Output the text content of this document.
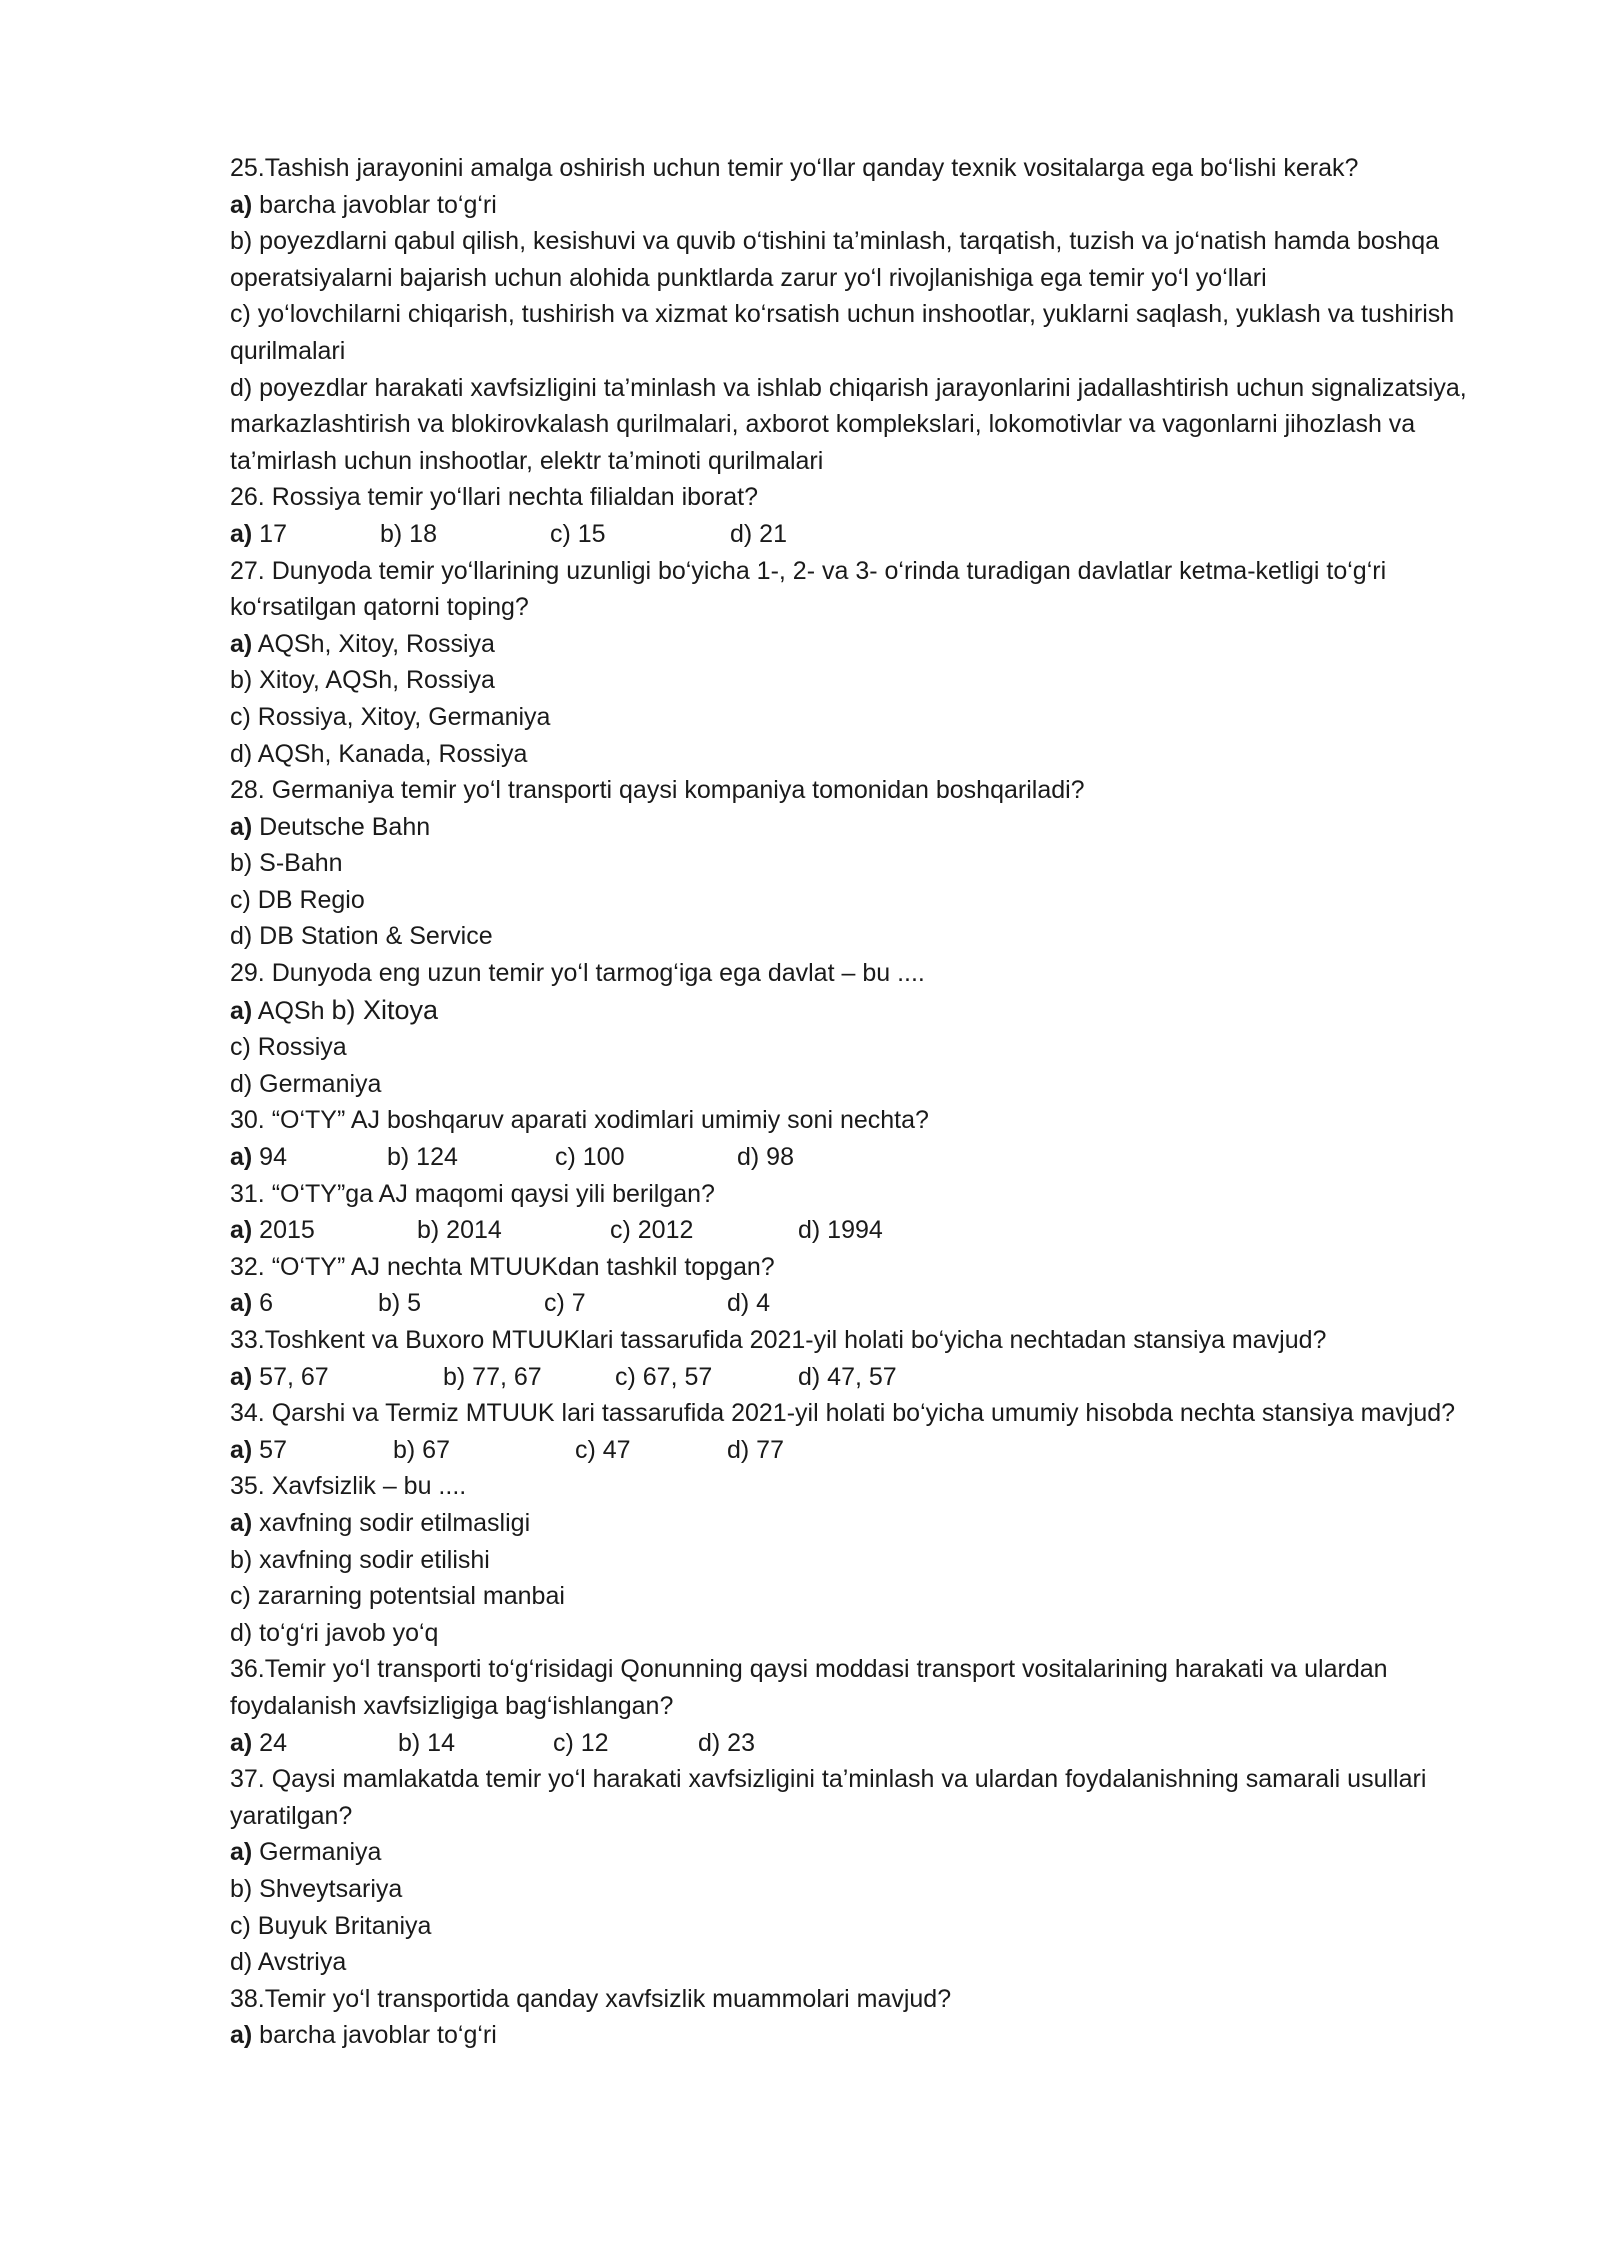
25.Tashish jarayonini amalga oshirish uchun temir yo‘llar qanday texnik vositalarga ega bo‘lishi kerak?
a) barcha javoblar to‘g‘ri
b) poyezdlarni qabul qilish, kesishuvi va quvib o‘tishini ta’minlash, tarqatish, tuzish va jo‘natish hamda boshqa operatsiyalarni bajarish uchun alohida punktlarda zarur yo‘l rivojlanishiga ega temir yo‘l yo‘llari
c) yo‘lovchilarni chiqarish, tushirish va xizmat ko‘rsatish uchun inshootlar, yuklarni saqlash, yuklash va tushirish qurilmalari
d) poyezdlar harakati xavfsizligini ta’minlash va ishlab chiqarish jarayonlarini jadallashtirish uchun signalizatsiya, markazlashtirish va blokirovkalash qurilmalari, axborot komplekslari, lokomotivlar va vagonlarni jihozlash va ta’mirlash uchun inshootlar, elektr ta’minoti qurilmalari
26. Rossiya temir yo‘llari nechta filialdan iborat?
a) 17	b) 18	c) 15	d) 21
27. Dunyoda temir yo‘llarining uzunligi bo‘yicha 1-, 2- va 3- o‘rinda turadigan davlatlar ketma-ketligi to‘g‘ri ko‘rsatilgan qatorni toping?
a) AQSh, Xitoy, Rossiya
b) Xitoy, AQSh, Rossiya
c) Rossiya, Xitoy, Germaniya
d) AQSh, Kanada, Rossiya
28. Germaniya temir yo‘l transporti qaysi kompaniya tomonidan boshqariladi?
a) Deutsche Bahn
b) S-Bahn
c) DB Regio
d) DB Station & Service
29. Dunyoda eng uzun temir yo‘l tarmog‘iga ega davlat – bu ....
a) AQSh b) Xitoya
c) Rossiya
d) Germaniya
30. “O‘TY” AJ boshqaruv aparati xodimlari umimiy soni nechta?
a) 94	b) 124	c) 100	d) 98
31. “O‘TY”ga AJ maqomi qaysi yili berilgan?
a) 2015	b) 2014	c) 2012	d) 1994
32. “O‘TY” AJ nechta MTUUKdan tashkil topgan?
a) 6	b) 5	c) 7	d) 4
33.Toshkent va Buxoro MTUUKlari tassarufida 2021-yil holati bo‘yicha nechtadan stansiya mavjud?
a) 57, 67	b) 77, 67	c) 67, 57	d) 47, 57
34. Qarshi va Termiz MTUUK lari tassarufida 2021-yil holati bo‘yicha umumiy hisobda nechta stansiya mavjud?
a) 57	b) 67	c) 47	d) 77
35. Xavfsizlik – bu ....
a) xavfning sodir etilmasligi
b) xavfning sodir etilishi
c) zararning potentsial manbai
d) to‘g‘ri javob yo‘q
36.Temir yo‘l transporti to‘g‘risidagi Qonunning qaysi moddasi transport vositalarining harakati va ulardan foydalanish xavfsizligiga bag‘ishlangan?
a) 24	b) 14	c) 12	d) 23
37. Qaysi mamlakatda temir yo‘l harakati xavfsizligini ta’minlash va ulardan foydalanishning samarali usullari yaratilgan?
a) Germaniya
b) Shveytsariya
c) Buyuk Britaniya
d) Avstriya
38.Temir yo‘l transportida qanday xavfsizlik muammolari mavjud?
a) barcha javoblar to‘g‘ri
